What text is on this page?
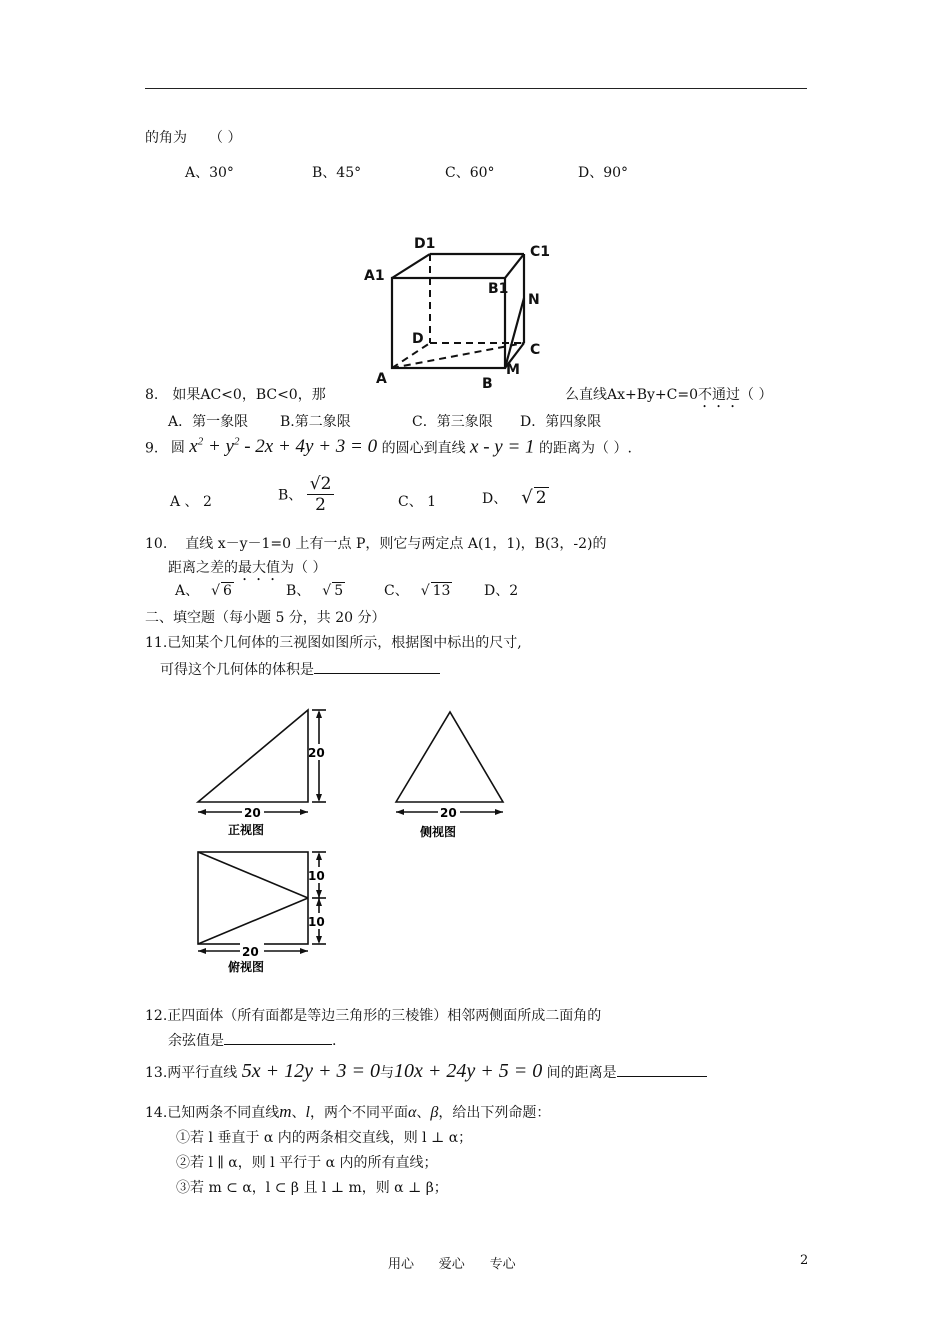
的角为 （ ）
A、30°	B、45°	C、60°	D、90°
D1	C1
A1
B1
N
D
C
A	B
M
8. 如果AC<0，BC<0，那	么直线Ax+By+C=0不通过（ ）
A．第一象限 B.第二象限	C．第三象限 D．第四象限
9. 圆 $x^2 + y^2 - 2x + 4y + 3 = 0$ 的圆心到直线 x - y = 1 的距离为（ ）.
A 、 2	B、 $\frac{√2}{2}$	C、 1	D、 √ 2
10. 直线 x－y－1=0 上有一点 P，则它与两定点 A(1，1)，B(3，-2)的
距离之差的最大值为（ ）
A、 √ 6	B、 √ 5	C、 √ 13 D、2
二、填空题（每小题 5 分，共 20 分）
11.已知某个几何体的三视图如图所示，根据图中标出的尺寸,
可得这个几何体的体积是
20
20
正视图
20
侧视图
10
10
20
俯视图
12.正四面体（所有面都是等边三角形的三棱锥）相邻两侧面所成二面角的
余弦值是	.
13.两平行直线 5x + 12y + 3 = 0与10x + 24y + 5 = 0 间的距离是
14.已知两条不同直线m、l，两个不同平面α、β，给出下列命题：
①若 l 垂直于 α 内的两条相交直线，则 l ⊥ α；
②若 l ∥ α，则 l 平行于 α 内的所有直线；
③若 m ⊂ α，l ⊂ β 且 l ⊥ m，则 α ⊥ β；
用心      爱心      专心	2
